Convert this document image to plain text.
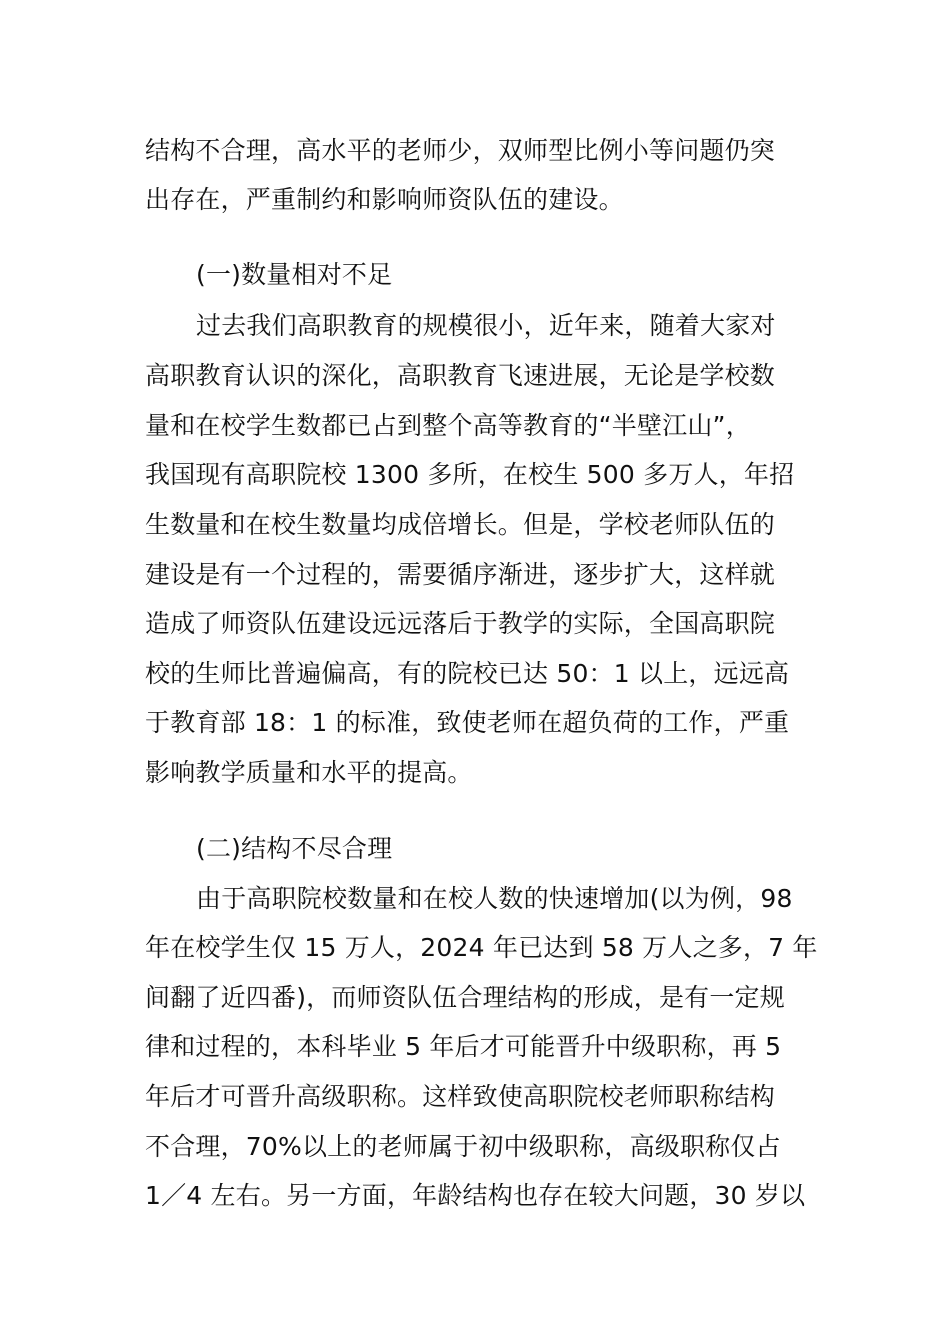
结构不合理，高水平的老师少，双师型比例小等问题仍突
出存在，严重制约和影响师资队伍的建设。
(一)数量相对不足
过去我们高职教育的规模很小，近年来，随着大家对
高职教育认识的深化，高职教育飞速进展，无论是学校数
量和在校学生数都已占到整个高等教育的“半壁江山”，
我国现有高职院校 1300 多所，在校生 500 多万人，年招
生数量和在校生数量均成倍增长。但是，学校老师队伍的
建设是有一个过程的，需要循序渐进，逐步扩大，这样就
造成了师资队伍建设远远落后于教学的实际，全国高职院
校的生师比普遍偏高，有的院校已达 50：1 以上，远远高
于教育部 18：1 的标准，致使老师在超负荷的工作，严重
影响教学质量和水平的提高。
(二)结构不尽合理
由于高职院校数量和在校人数的快速增加(以为例，98
年在校学生仅 15 万人，2024 年已达到 58 万人之多，7 年
间翻了近四番)，而师资队伍合理结构的形成，是有一定规
律和过程的，本科毕业 5 年后才可能晋升中级职称，再 5
年后才可晋升高级职称。这样致使高职院校老师职称结构
不合理，70%以上的老师属于初中级职称，高级职称仅占
1／4 左右。另一方面，年龄结构也存在较大问题，30 岁以
